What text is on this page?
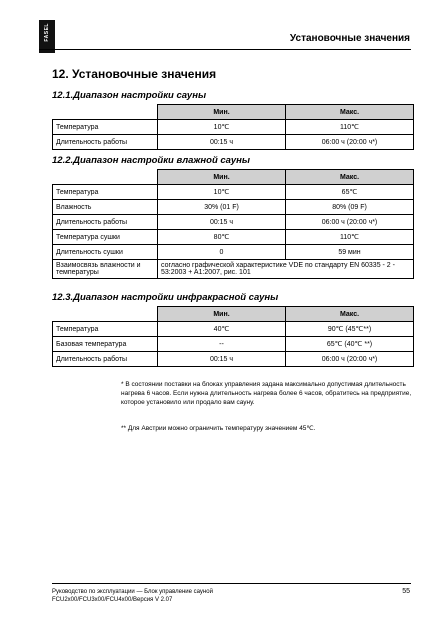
FASEL	Установочные значения
12. Установочные значения
12.1.Диапазон настройки сауны
	Мин.	Макс.
Температура	10℃	110℃
Длительность работы	00:15 ч	06:00 ч (20:00 ч*)
12.2.Диапазон настройки влажной сауны
	Мин.	Макс.
Температура	10℃	65℃
Влажность	30% (01 F)	80% (09 F)
Длительность работы	00:15 ч	06:00 ч (20:00 ч*)
Температура сушки	80℃	110℃
Длительность сушки	0	59 мин
Взаимосвязь влажности и температуры	согласно графической характеристике VDE по стандарту EN 60335 - 2 - 53:2003 + A1:2007, рис. 101	
12.3.Диапазон настройки инфракрасной сауны
	Мин.	Макс.
Температура	40℃	90℃ (45℃**)
Базовая температура	--	65℃ (40℃ **)
Длительность работы	00:15 ч	06:00 ч (20:00 ч*)
* В состоянии поставки на блоках управления задана максимально допустимая длительность нагрева 6 часов. Если нужна длительность нагрева более 6 часов, обратитесь на предприятие, которое установило или продало вам сауну.
** Для Австрии можно ограничить температуру значением 45℃.
Руководство по эксплуатации — Блок управление сауной
FCU2x00/FCU3x00/FCU4x00/Версия V 2.07
55
